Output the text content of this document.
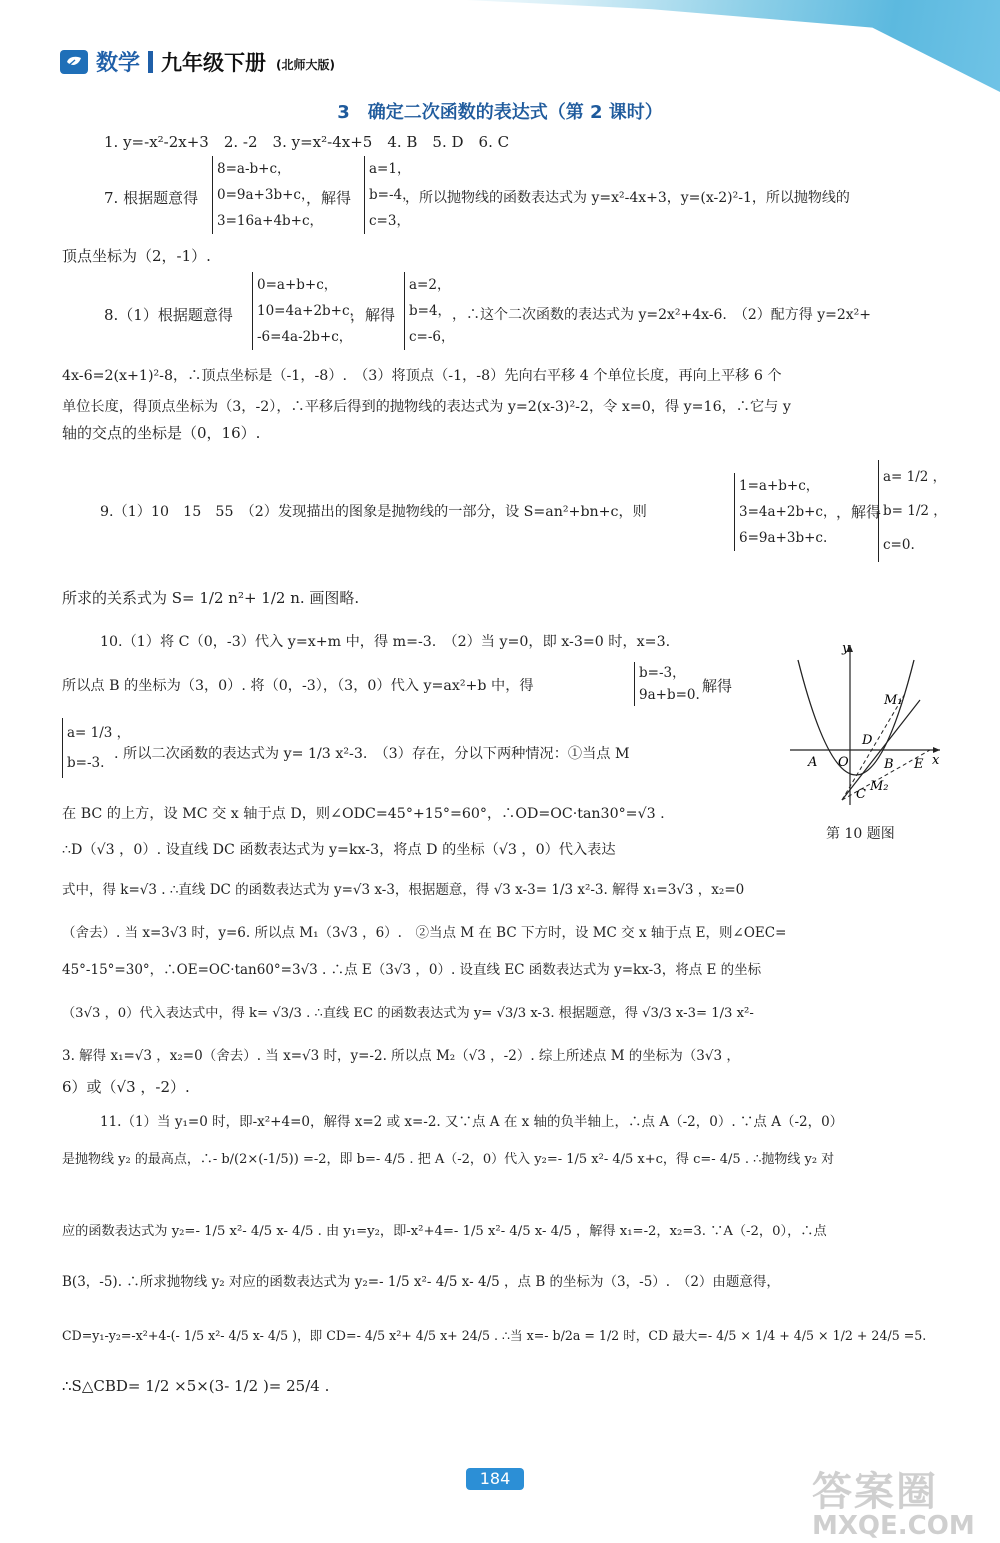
数学 九年级下册 (北师大版)
3　确定二次函数的表达式（第 2 课时）
1. y=-x²-2x+3　2. -2　3. y=x²-4x+5　4. B　5. D　6. C
7. 根据题意得
8=a-b+c，
0=9a+3b+c，
3=16a+4b+c，
，解得
a=1，
b=-4，
c=3，
，所以抛物线的函数表达式为 y=x²-4x+3，y=(x-2)²-1，所以抛物线的
顶点坐标为（2，-1）.
8.（1）根据题意得
0=a+b+c，
10=4a+2b+c，
-6=4a-2b+c，
，解得
a=2，
b=4，
c=-6，
，∴这个二次函数的表达式为 y=2x²+4x-6.　（2）配方得 y=2x²+
4x-6=2(x+1)²-8，∴顶点坐标是（-1，-8）.　（3）将顶点（-1，-8）先向右平移 4 个单位长度，再向上平移 6 个
单位长度，得顶点坐标为（3，-2），∴平移后得到的抛物线的表达式为 y=2(x-3)²-2，令 x=0，得 y=16，∴它与 y
轴的交点的坐标是（0，16）.
9.（1）10　15　55　（2）发现描出的图象是抛物线的一部分，设 S=an²+bn+c，则
1=a+b+c，
3=4a+2b+c，
6=9a+3b+c.
，解得
a= 1/2 ，
b= 1/2 ，
c=0.
所求的关系式为 S= 1/2 n²+ 1/2 n. 画图略.
10.（1）将 C（0，-3）代入 y=x+m 中，得 m=-3.　（2）当 y=0，即 x-3=0 时，x=3.
所以点 B 的坐标为（3，0）. 将（0，-3），（3，0）代入 y=ax²+b 中，得
b=-3，
9a+b=0. 解得
a= 1/3 ，
b=-3.
. 所以二次函数的表达式为 y= 1/3 x²-3.　（3）存在，分以下两种情况：①当点 M
在 BC 的上方，设 MC 交 x 轴于点 D，则∠ODC=45°+15°=60°，∴OD=OC·tan30°=√3 .
∴D（√3 ，0）. 设直线 DC 函数表达式为 y=kx-3，将点 D 的坐标（√3 ，0）代入表达
式中，得 k=√3 . ∴直线 DC 的函数表达式为 y=√3 x-3，根据题意，得 √3 x-3= 1/3 x²-3. 解得 x₁=3√3 ，x₂=0
（舍去）. 当 x=3√3 时，y=6. 所以点 M₁（3√3 ，6）.　②当点 M 在 BC 下方时，设 MC 交 x 轴于点 E，则∠OEC=
45°-15°=30°，∴OE=OC·tan60°=3√3 . ∴点 E（3√3 ，0）. 设直线 EC 函数表达式为 y=kx-3，将点 E 的坐标
（3√3 ，0）代入表达式中，得 k= √3/3 . ∴直线 EC 的函数表达式为 y= √3/3 x-3. 根据题意，得 √3/3 x-3= 1/3 x²-
3. 解得 x₁=√3 ，x₂=0（舍去）. 当 x=√3 时，y=-2. 所以点 M₂（√3 ，-2）. 综上所述点 M 的坐标为（3√3 ，
6）或（√3 ，-2）.
y
x
M₁
D
A O	B E
C
M₂
第 10 题图
11.（1）当 y₁=0 时，即-x²+4=0，解得 x=2 或 x=-2. 又∵点 A 在 x 轴的负半轴上，∴点 A（-2，0）. ∵点 A（-2，0）
是抛物线 y₂ 的最高点，∴- b/(2×(-1/5)) =-2，即 b=- 4/5 . 把 A（-2，0）代入 y₂=- 1/5 x²- 4/5 x+c，得 c=- 4/5 . ∴抛物线 y₂ 对
应的函数表达式为 y₂=- 1/5 x²- 4/5 x- 4/5 . 由 y₁=y₂，即-x²+4=- 1/5 x²- 4/5 x- 4/5 ，解得 x₁=-2，x₂=3. ∵A（-2，0），∴点
B(3，-5). ∴所求抛物线 y₂ 对应的函数表达式为 y₂=- 1/5 x²- 4/5 x- 4/5 ，点 B 的坐标为（3，-5）.　（2）由题意得，
CD=y₁-y₂=-x²+4-(- 1/5 x²- 4/5 x- 4/5 )，即 CD=- 4/5 x²+ 4/5 x+ 24/5 . ∴当 x=- b/2a = 1/2 时，CD 最大=- 4/5 × 1/4 + 4/5 × 1/2 + 24/5 =5.
∴S△CBD= 1/2 ×5×(3- 1/2 )= 25/4 .
184	答案圈
MXQE.COM
